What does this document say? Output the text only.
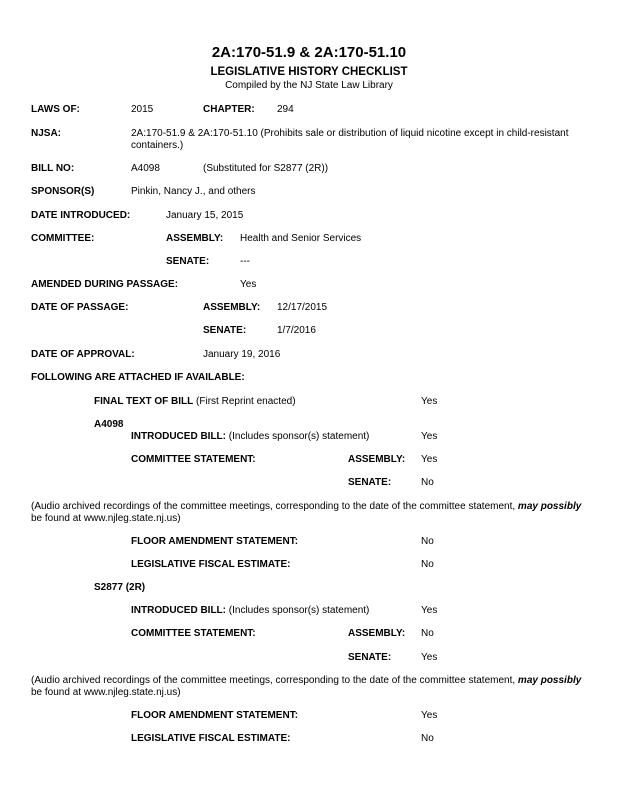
2A:170-51.9 & 2A:170-51.10
LEGISLATIVE HISTORY CHECKLIST
Compiled by the NJ State Law Library
LAWS OF:	2015	CHAPTER: 294
NJSA:	2A:170-51.9 & 2A:170-51.10 (Prohibits sale or distribution of liquid nicotine except in child-resistant containers.)
BILL NO:	A4098	(Substituted for S2877 (2R))
SPONSOR(S)	Pinkin, Nancy J., and others
DATE INTRODUCED:	January 15, 2015
COMMITTEE:	ASSEMBLY: Health and Senior Services
SENATE:	---
AMENDED DURING PASSAGE:	Yes
DATE OF PASSAGE:	ASSEMBLY: 12/17/2015
SENATE:	1/7/2016
DATE OF APPROVAL:	January 19, 2016
FOLLOWING ARE ATTACHED IF AVAILABLE:
FINAL TEXT OF BILL (First Reprint enacted)	Yes
A4098
INTRODUCED BILL: (Includes sponsor(s) statement)	Yes
COMMITTEE STATEMENT:	ASSEMBLY: Yes
SENATE:	No
(Audio archived recordings of the committee meetings, corresponding to the date of the committee statement, may possibly
be found at www.njleg.state.nj.us)
FLOOR AMENDMENT STATEMENT:	No
LEGISLATIVE FISCAL ESTIMATE:	No
S2877 (2R)
INTRODUCED BILL: (Includes sponsor(s) statement)	Yes
COMMITTEE STATEMENT:	ASSEMBLY: No
SENATE:	Yes
(Audio archived recordings of the committee meetings, corresponding to the date of the committee statement, may possibly
be found at www.njleg.state.nj.us)
FLOOR AMENDMENT STATEMENT:	Yes
LEGISLATIVE FISCAL ESTIMATE:	No
